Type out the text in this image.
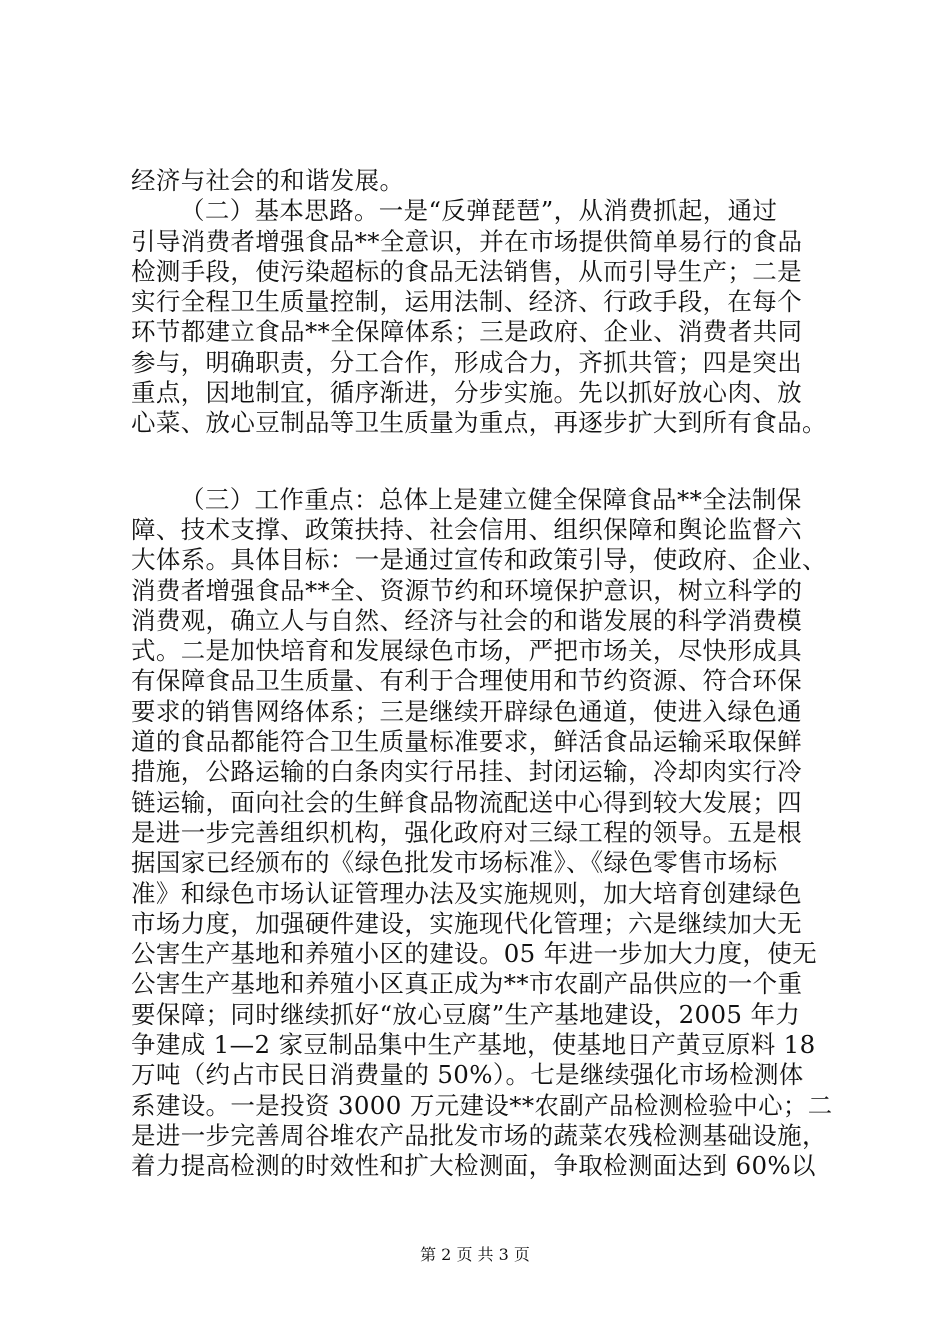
经济与社会的和谐发展。
（二）基本思路。一是“反弹琵琶”，从消费抓起，通过
引导消费者增强食品**全意识，并在市场提供简单易行的食品
检测手段，使污染超标的食品无法销售，从而引导生产；二是
实行全程卫生质量控制，运用法制、经济、行政手段，在每个
环节都建立食品**全保障体系；三是政府、企业、消费者共同
参与，明确职责，分工合作，形成合力，齐抓共管；四是突出
重点，因地制宜，循序渐进，分步实施。先以抓好放心肉、放
心菜、放心豆制品等卫生质量为重点，再逐步扩大到所有食品。
（三）工作重点：总体上是建立健全保障食品**全法制保
障、技术支撑、政策扶持、社会信用、组织保障和舆论监督六
大体系。具体目标：一是通过宣传和政策引导，使政府、企业、
消费者增强食品**全、资源节约和环境保护意识，树立科学的
消费观，确立人与自然、经济与社会的和谐发展的科学消费模
式。二是加快培育和发展绿色市场，严把市场关，尽快形成具
有保障食品卫生质量、有利于合理使用和节约资源、符合环保
要求的销售网络体系；三是继续开辟绿色通道，使进入绿色通
道的食品都能符合卫生质量标准要求，鲜活食品运输采取保鲜
措施，公路运输的白条肉实行吊挂、封闭运输，冷却肉实行冷
链运输，面向社会的生鲜食品物流配送中心得到较大发展；四
是进一步完善组织机构，强化政府对三绿工程的领导。五是根
据国家已经颁布的《绿色批发市场标准》、《绿色零售市场标
准》和绿色市场认证管理办法及实施规则，加大培育创建绿色
市场力度，加强硬件建设，实施现代化管理；六是继续加大无
公害生产基地和养殖小区的建设。05 年进一步加大力度，使无
公害生产基地和养殖小区真正成为**市农副产品供应的一个重
要保障；同时继续抓好“放心豆腐”生产基地建设，2005 年力
争建成 1—2 家豆制品集中生产基地，使基地日产黄豆原料 18
万吨（约占市民日消费量的 50%）。七是继续强化市场检测体
系建设。一是投资 3000 万元建设**农副产品检测检验中心；二
是进一步完善周谷堆农产品批发市场的蔬菜农残检测基础设施，
着力提高检测的时效性和扩大检测面，争取检测面达到 60%以
第 2 页 共 3 页
